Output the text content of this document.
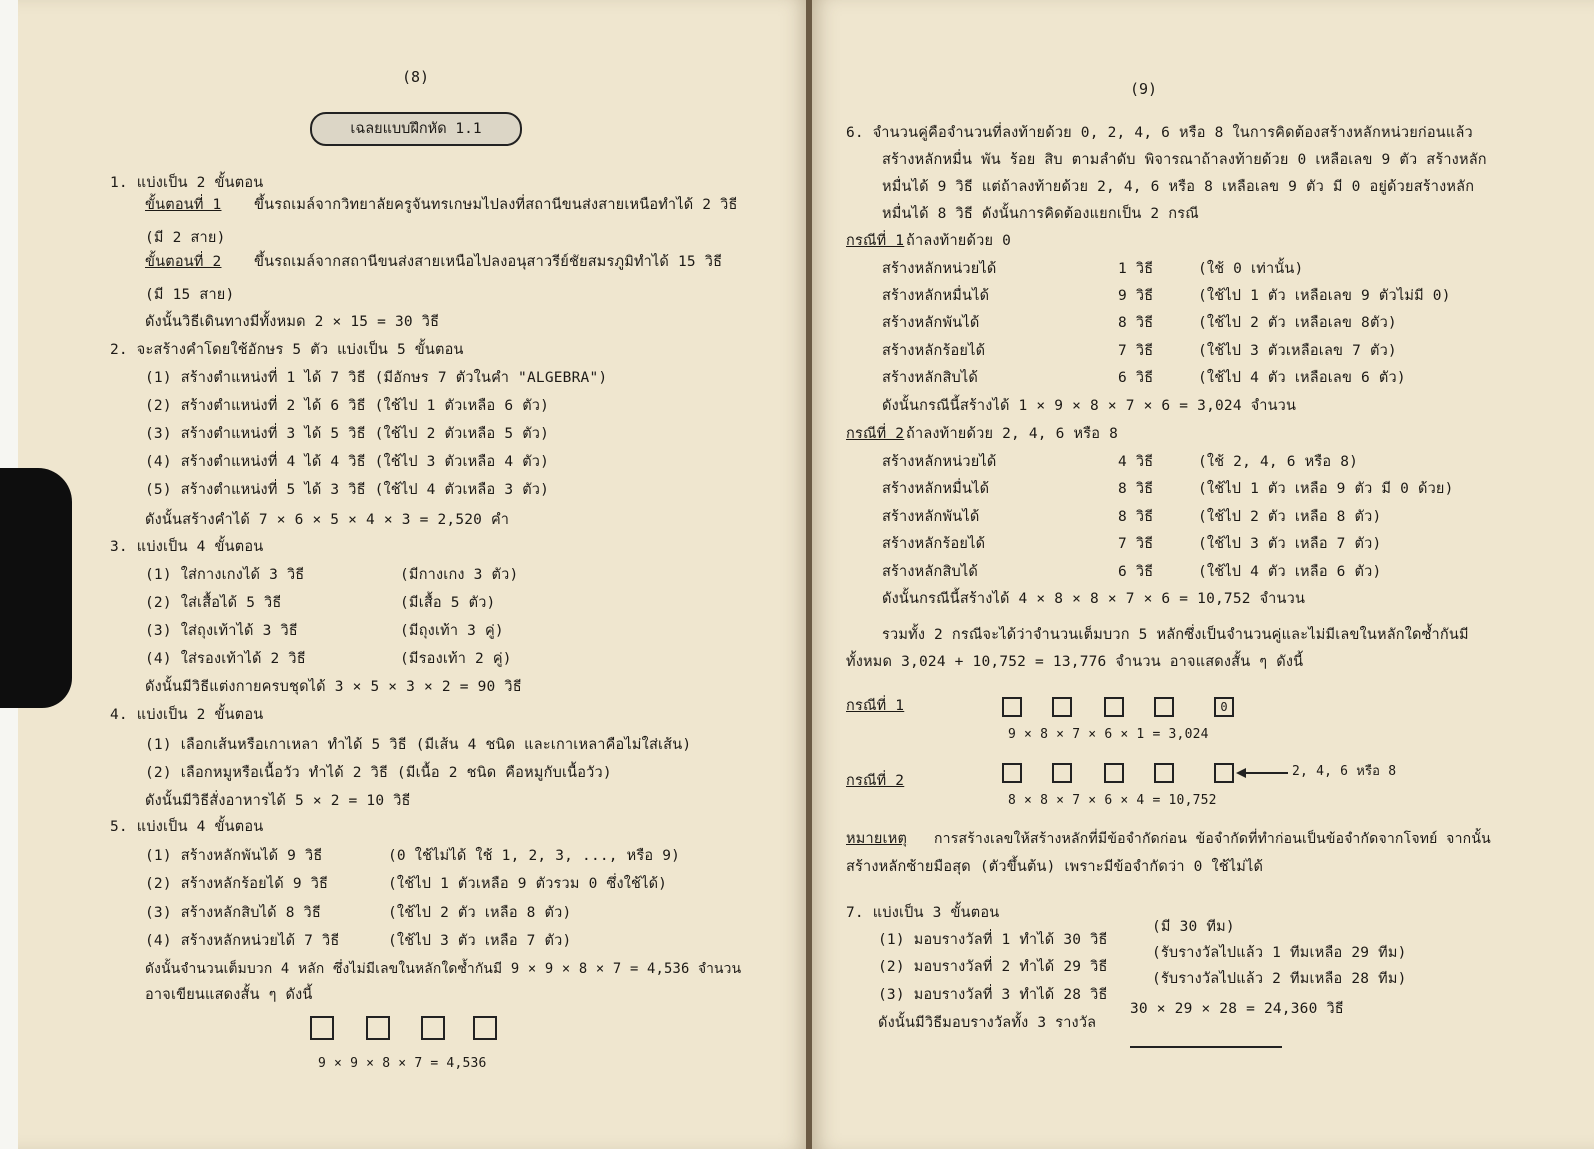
(8)
เฉลยแบบฝึกหัด 1.1
1. แบ่งเป็น 2 ขั้นตอน
ขั้นตอนที่ 1 ขึ้นรถเมล์จากวิทยาลัยครูจันทรเกษมไปลงที่สถานีขนส่งสายเหนือทำได้ 2 วิธี
(มี 2 สาย)
ขั้นตอนที่ 2 ขึ้นรถเมล์จากสถานีขนส่งสายเหนือไปลงอนุสาวรีย์ชัยสมรภูมิทำได้ 15 วิธี
(มี 15 สาย)
ดังนั้นวิธีเดินทางมีทั้งหมด 2 × 15 = 30 วิธี
2. จะสร้างคำโดยใช้อักษร 5 ตัว แบ่งเป็น 5 ขั้นตอน
(1) สร้างตำแหน่งที่ 1 ได้ 7 วิธี (มีอักษร 7 ตัวในคำ "ALGEBRA")
(2) สร้างตำแหน่งที่ 2 ได้ 6 วิธี (ใช้ไป 1 ตัวเหลือ 6 ตัว)
(3) สร้างตำแหน่งที่ 3 ได้ 5 วิธี (ใช้ไป 2 ตัวเหลือ 5 ตัว)
(4) สร้างตำแหน่งที่ 4 ได้ 4 วิธี (ใช้ไป 3 ตัวเหลือ 4 ตัว)
(5) สร้างตำแหน่งที่ 5 ได้ 3 วิธี (ใช้ไป 4 ตัวเหลือ 3 ตัว)
ดังนั้นสร้างคำได้ 7 × 6 × 5 × 4 × 3 = 2,520 คำ
3. แบ่งเป็น 4 ขั้นตอน
(1) ใส่กางเกงได้ 3 วิธี	(มีกางเกง 3 ตัว)
(2) ใส่เสื้อได้ 5 วิธี	(มีเสื้อ 5 ตัว)
(3) ใส่ถุงเท้าได้ 3 วิธี	(มีถุงเท้า 3 คู่)
(4) ใส่รองเท้าได้ 2 วิธี	(มีรองเท้า 2 คู่)
ดังนั้นมีวิธีแต่งกายครบชุดได้ 3 × 5 × 3 × 2 = 90 วิธี
4. แบ่งเป็น 2 ขั้นตอน
(1) เลือกเส้นหรือเกาเหลา ทำได้ 5 วิธี (มีเส้น 4 ชนิด และเกาเหลาคือไม่ใส่เส้น)
(2) เลือกหมูหรือเนื้อวัว ทำได้ 2 วิธี (มีเนื้อ 2 ชนิด คือหมูกับเนื้อวัว)
ดังนั้นมีวิธีสั่งอาหารได้ 5 × 2 = 10 วิธี
5. แบ่งเป็น 4 ขั้นตอน
(1) สร้างหลักพันได้ 9 วิธี	(0 ใช้ไม่ได้ ใช้ 1, 2, 3, ..., หรือ 9)
(2) สร้างหลักร้อยได้ 9 วิธี	(ใช้ไป 1 ตัวเหลือ 9 ตัวรวม 0 ซึ่งใช้ได้)
(3) สร้างหลักสิบได้ 8 วิธี	(ใช้ไป 2 ตัว เหลือ 8 ตัว)
(4) สร้างหลักหน่วยได้ 7 วิธี	(ใช้ไป 3 ตัว เหลือ 7 ตัว)
ดังนั้นจำนวนเต็มบวก 4 หลัก ซึ่งไม่มีเลขในหลักใดซ้ำกันมี 9 × 9 × 8 × 7 = 4,536 จำนวน
อาจเขียนแสดงสั้น ๆ ดังนี้
9 × 9 × 8 × 7 = 4,536
(9)
6. จำนวนคู่คือจำนวนที่ลงท้ายด้วย 0, 2, 4, 6 หรือ 8 ในการคิดต้องสร้างหลักหน่วยก่อนแล้ว
สร้างหลักหมื่น พัน ร้อย สิบ ตามลำดับ พิจารณาถ้าลงท้ายด้วย 0 เหลือเลข 9 ตัว สร้างหลัก
หมื่นได้ 9 วิธี แต่ถ้าลงท้ายด้วย 2, 4, 6 หรือ 8 เหลือเลข 9 ตัว มี 0 อยู่ด้วยสร้างหลัก
หมื่นได้ 8 วิธี ดังนั้นการคิดต้องแยกเป็น 2 กรณี
กรณีที่ 1 ถ้าลงท้ายด้วย 0
สร้างหลักหน่วยได้	1 วิธี	(ใช้ 0 เท่านั้น)
สร้างหลักหมื่นได้	9 วิธี	(ใช้ไป 1 ตัว เหลือเลข 9 ตัวไม่มี 0)
สร้างหลักพันได้	8 วิธี	(ใช้ไป 2 ตัว เหลือเลข 8ตัว)
สร้างหลักร้อยได้	7 วิธี	(ใช้ไป 3 ตัวเหลือเลข 7 ตัว)
สร้างหลักสิบได้	6 วิธี	(ใช้ไป 4 ตัว เหลือเลข 6 ตัว)
ดังนั้นกรณีนี้สร้างได้ 1 × 9 × 8 × 7 × 6 = 3,024 จำนวน
กรณีที่ 2 ถ้าลงท้ายด้วย 2, 4, 6 หรือ 8
สร้างหลักหน่วยได้	4 วิธี	(ใช้ 2, 4, 6 หรือ 8)
สร้างหลักหมื่นได้	8 วิธี	(ใช้ไป 1 ตัว เหลือ 9 ตัว มี 0 ด้วย)
สร้างหลักพันได้	8 วิธี	(ใช้ไป 2 ตัว เหลือ 8 ตัว)
สร้างหลักร้อยได้	7 วิธี	(ใช้ไป 3 ตัว เหลือ 7 ตัว)
สร้างหลักสิบได้	6 วิธี	(ใช้ไป 4 ตัว เหลือ 6 ตัว)
ดังนั้นกรณีนี้สร้างได้ 4 × 8 × 8 × 7 × 6 = 10,752 จำนวน
รวมทั้ง 2 กรณีจะได้ว่าจำนวนเต็มบวก 5 หลักซึ่งเป็นจำนวนคู่และไม่มีเลขในหลักใดซ้ำกันมี
ทั้งหมด 3,024 + 10,752 = 13,776 จำนวน อาจแสดงสั้น ๆ ดังนี้
กรณีที่ 1	0
9 × 8 × 7 × 6 × 1 = 3,024
กรณีที่ 2
2, 4, 6 หรือ 8
8 × 8 × 7 × 6 × 4 = 10,752
หมายเหตุ การสร้างเลขให้สร้างหลักที่มีข้อจำกัดก่อน ข้อจำกัดที่ทำก่อนเป็นข้อจำกัดจากโจทย์ จากนั้น
สร้างหลักซ้ายมือสุด (ตัวขึ้นต้น) เพราะมีข้อจำกัดว่า 0 ใช้ไม่ได้
7. แบ่งเป็น 3 ขั้นตอน
(1) มอบรางวัลที่ 1 ทำได้ 30 วิธี
(มี 30 ทีม)
(2) มอบรางวัลที่ 2 ทำได้ 29 วิธี
(รับรางวัลไปแล้ว 1 ทีมเหลือ 29 ทีม)
(3) มอบรางวัลที่ 3 ทำได้ 28 วิธี
(รับรางวัลไปแล้ว 2 ทีมเหลือ 28 ทีม)
ดังนั้นมีวิธีมอบรางวัลทั้ง 3 รางวัล
30 × 29 × 28 = 24,360 วิธี
